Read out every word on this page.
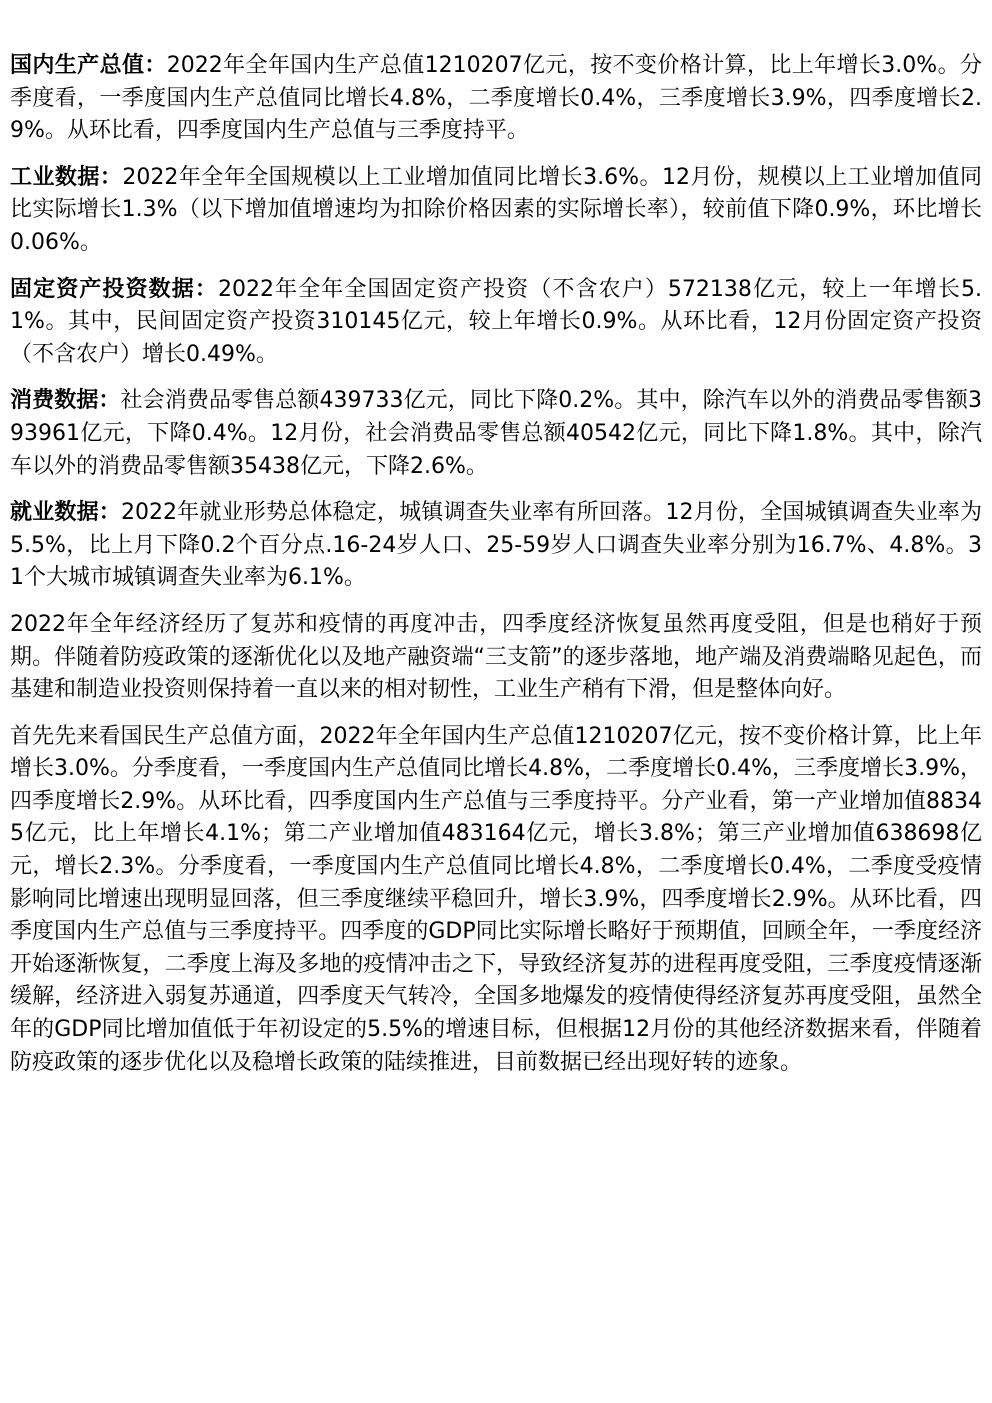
国内生产总值：2022年全年国内生产总值1210207亿元，按不变价格计算，比上年增长3.0%。分季度看，一季度国内生产总值同比增长4.8%，二季度增长0.4%，三季度增长3.9%，四季度增长2.9%。从环比看，四季度国内生产总值与三季度持平。

工业数据：2022年全年全国规模以上工业增加值同比增长3.6%。12月份，规模以上工业增加值同比实际增长1.3%（以下增加值增速均为扣除价格因素的实际增长率），较前值下降0.9%，环比增长0.06%。

固定资产投资数据：2022年全年全国固定资产投资（不含农户）572138亿元，较上一年增长5.1%。其中，民间固定资产投资310145亿元，较上年增长0.9%。从环比看，12月份固定资产投资（不含农户）增长0.49%。

消费数据：社会消费品零售总额439733亿元，同比下降0.2%。其中，除汽车以外的消费品零售额393961亿元，下降0.4%。12月份，社会消费品零售总额40542亿元，同比下降1.8%。其中，除汽车以外的消费品零售额35438亿元，下降2.6%。

就业数据：2022年就业形势总体稳定，城镇调查失业率有所回落。12月份，全国城镇调查失业率为5.5%，比上月下降0.2个百分点.16-24岁人口、25-59岁人口调查失业率分别为16.7%、4.8%。31个大城市城镇调查失业率为6.1%。

2022年全年经济经历了复苏和疫情的再度冲击，四季度经济恢复虽然再度受阻，但是也稍好于预期。伴随着防疫政策的逐渐优化以及地产融资端“三支箭”的逐步落地，地产端及消费端略见起色，而基建和制造业投资则保持着一直以来的相对韧性，工业生产稍有下滑，但是整体向好。

首先先来看国民生产总值方面，2022年全年国内生产总值1210207亿元，按不变价格计算，比上年增长3.0%。分季度看，一季度国内生产总值同比增长4.8%，二季度增长0.4%，三季度增长3.9%，四季度增长2.9%。从环比看，四季度国内生产总值与三季度持平。分产业看，第一产业增加值88345亿元，比上年增长4.1%；第二产业增加值483164亿元，增长3.8%；第三产业增加值638698亿元，增长2.3%。分季度看，一季度国内生产总值同比增长4.8%，二季度增长0.4%，二季度受疫情影响同比增速出现明显回落，但三季度继续平稳回升，增长3.9%，四季度增长2.9%。从环比看，四季度国内生产总值与三季度持平。四季度的GDP同比实际增长略好于预期值，回顾全年，一季度经济开始逐渐恢复，二季度上海及多地的疫情冲击之下，导致经济复苏的进程再度受阻，三季度疫情逐渐缓解，经济进入弱复苏通道，四季度天气转冷，全国多地爆发的疫情使得经济复苏再度受阻，虽然全年的GDP同比增加值低于年初设定的5.5%的增速目标，但根据12月份的其他经济数据来看，伴随着防疫政策的逐步优化以及稳增长政策的陆续推进，目前数据已经出现好转的迹象。
